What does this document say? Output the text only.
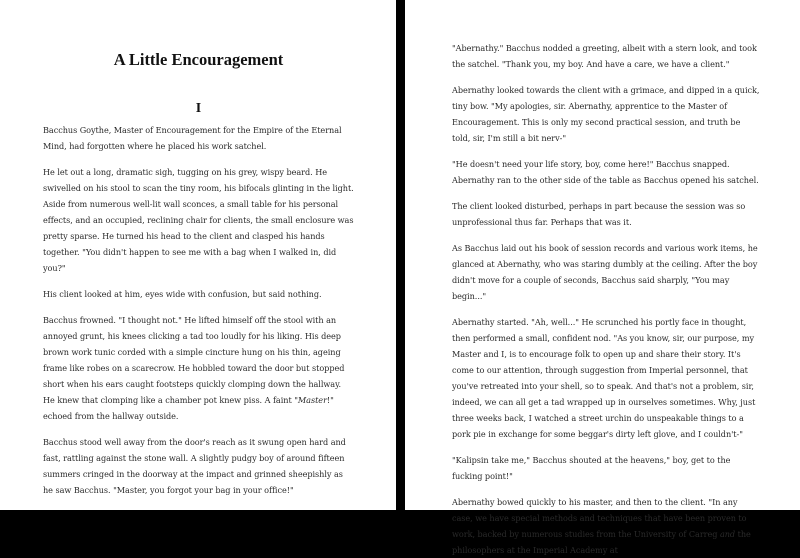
A Little Encouragement
I

Bacchus Goythe, Master of Encouragement for the Empire of the Eternal Mind, had forgotten where he placed his work satchel.

He let out a long, dramatic sigh, tugging on his grey, wispy beard. He swivelled on his stool to scan the tiny room, his bifocals glinting in the light. Aside from numerous well-lit wall sconces, a small table for his personal effects, and an occupied, reclining chair for clients, the small enclosure was pretty sparse. He turned his head to the client and clasped his hands together. "You didn't happen to see me with a bag when I walked in, did you?"

His client looked at him, eyes wide with confusion, but said nothing.

Bacchus frowned. "I thought not." He lifted himself off the stool with an annoyed grunt, his knees clicking a tad too loudly for his liking. His deep brown work tunic corded with a simple cincture hung on his thin, ageing frame like robes on a scarecrow. He hobbled toward the door but stopped short when his ears caught footsteps quickly clomping down the hallway. He knew that clomping like a chamber pot knew piss. A faint "Master!" echoed from the hallway outside.

Bacchus stood well away from the door's reach as it swung open hard and fast, rattling against the stone wall. A slightly pudgy boy of around fifteen summers cringed in the doorway at the impact and grinned sheepishly as he saw Bacchus. "Master, you forgot your bag in your office!"

"Abernathy." Bacchus nodded a greeting, albeit with a stern look, and took the satchel. "Thank you, my boy. And have a care, we have a client."

Abernathy looked towards the client with a grimace, and dipped in a quick, tiny bow. "My apologies, sir. Abernathy, apprentice to the Master of Encouragement. This is only my second practical session, and truth be told, sir, I'm still a bit nerv-"

"He doesn't need your life story, boy, come here!" Bacchus snapped. Abernathy ran to the other side of the table as Bacchus opened his satchel.

The client looked disturbed, perhaps in part because the session was so unprofessional thus far. Perhaps that was it.

As Bacchus laid out his book of session records and various work items, he glanced at Abernathy, who was staring dumbly at the ceiling. After the boy didn't move for a couple of seconds, Bacchus said sharply, "You may begin..."

Abernathy started. "Ah, well..." He scrunched his portly face in thought, then performed a small, confident nod. "As you know, sir, our purpose, my Master and I, is to encourage folk to open up and share their story. It's come to our attention, through suggestion from Imperial personnel, that you've retreated into your shell, so to speak. And that's not a problem, sir, indeed, we can all get a tad wrapped up in ourselves sometimes. Why, just three weeks back, I watched a street urchin do unspeakable things to a pork pie in exchange for some beggar's dirty left glove, and I couldn't-"

"Kalipsin take me," Bacchus shouted at the heavens," boy, get to the fucking point!"

Abernathy bowed quickly to his master, and then to the client. "In any case, we have special methods and techniques that have been proven to work, backed by numerous studies from the University of Carreg and the philosophers at the Imperial Academy at
